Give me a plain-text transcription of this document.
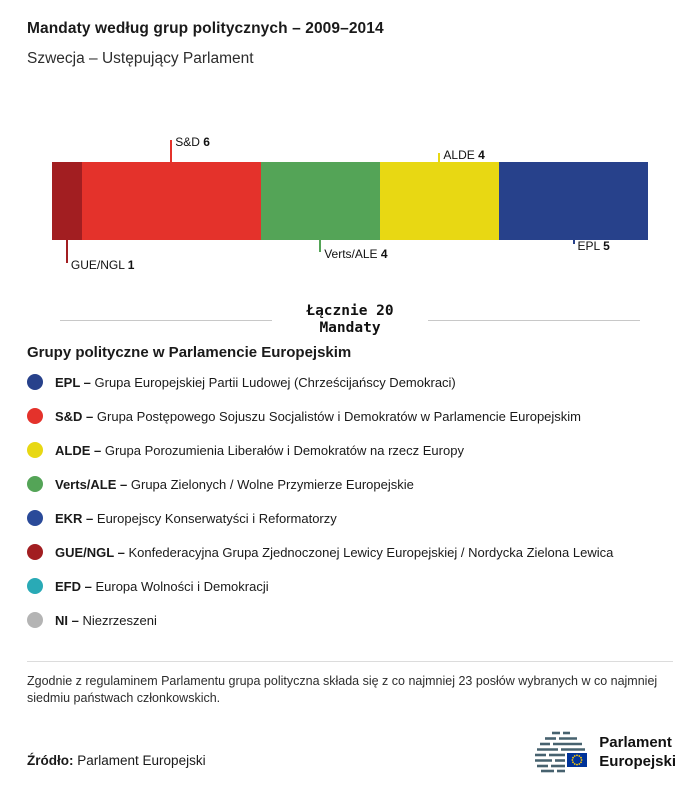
Mandaty według grup politycznych – 2009–2014
Szwecja – Ustępujący Parlament
GUE/NGL 1
S&D 6
Verts/ALE 4
ALDE 4
EPL 5
Łącznie 20
Mandaty
Grupy polityczne w Parlamencie Europejskim
EPL – Grupa Europejskiej Partii Ludowej (Chrześcijańscy Demokraci)
S&D – Grupa Postępowego Sojuszu Socjalistów i Demokratów w Parlamencie Europejskim
ALDE – Grupa Porozumienia Liberałów i Demokratów na rzecz Europy
Verts/ALE – Grupa Zielonych / Wolne Przymierze Europejskie
EKR – Europejscy Konserwatyści i Reformatorzy
GUE/NGL – Konfederacyjna Grupa Zjednoczonej Lewicy Europejskiej / Nordycka Zielona Lewica
EFD – Europa Wolności i Demokracji
NI – Niezrzeszeni
Zgodnie z regulaminem Parlamentu grupa polityczna składa się z co najmniej 23 posłów wybranych w co najmniej siedmiu państwach członkowskich.
Źródło: Parlament Europejski
Parlament
Europejski
